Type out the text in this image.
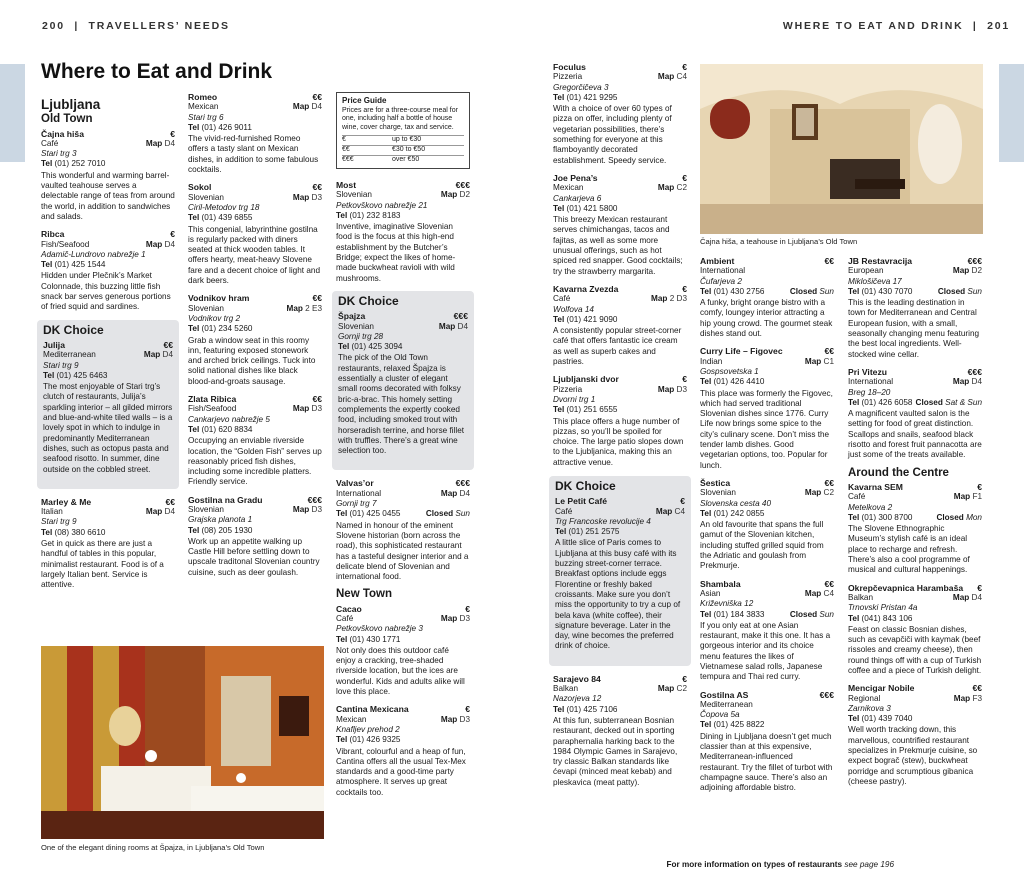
200  |  TRAVELLERS’ NEEDS	WHERE TO EAT AND DRINK  |  201
Where to Eat and Drink
Ljubljana
Old Town
Čajna hiša	€
Café	Map D4
Stari trg 3
Tel (01) 252 7010
This wonderful and warming barrel-vaulted teahouse serves a delectable range of teas from around the world, in addition to sandwiches and salads.
Ribca	€
Fish/Seafood	Map D4
Adamič-Lundrovo nabrežje 1
Tel (01) 425 1544
Hidden under Plečnik’s Market Colonnade, this buzzing little fish snack bar serves generous portions of fried squid and sardines.
DK Choice
Julija	€€
Mediterranean	Map D4
Stari trg 9
Tel (01) 425 6463
The most enjoyable of Stari trg’s clutch of restaurants, Julija’s sparkling interior – all gilded mirrors and blue-and-white tiled walls – is a lovely spot in which to indulge in predominantly Mediterranean dishes, such as octopus pasta and seafood risotto. In summer, dine outside on the cobbled street.
Marley & Me	€€
Italian	Map D4
Stari trg 9
Tel (08) 380 6610
Get in quick as there are just a handful of tables in this popular, minimalist restaurant. Food is of a largely Italian bent. Service is attentive.
Romeo	€€
Mexican	Map D4
Stari trg 6
Tel (01) 426 9011
The vivid-red-furnished Romeo offers a tasty slant on Mexican dishes, in addition to some fabulous cocktails.
Sokol	€€
Slovenian	Map D3
Ciril-Metodov trg 18
Tel (01) 439 6855
This congenial, labyrinthine gostilna is regularly packed with diners seated at thick wooden tables. It offers hearty, meat-heavy Slovene fare and a decent choice of light and dark beers.
Vodnikov hram	€€
Slovenian	Map 2 E3
Vodnikov trg 2
Tel (01) 234 5260
Grab a window seat in this roomy inn, featuring exposed stonework and arched brick ceilings. Tuck into solid national dishes like black blood-and-groats sausage.
Zlata Ribica	€€
Fish/Seafood	Map D3
Cankarjevo nabrežje 5
Tel (01) 620 8834
Occupying an enviable riverside location, the “Golden Fish” serves up reasonably priced fish dishes, including some incredible platters. Friendly service.
Gostilna na Gradu	€€€
Slovenian	Map D3
Grajska planota 1
Tel (08) 205 1930
Work up an appetite walking up Castle Hill before settling down to upscale traditonal Slovenian country cuisine, such as deer goulash.
Price Guide
Prices are for a three-course meal for one, including half a bottle of house wine, cover charge, tax and service.
€	up to €30
€€	€30 to €50
€€€	over €50
Most	€€€
Slovenian	Map D2
Petkovškovo nabrežje 21
Tel (01) 232 8183
Inventive, imaginative Slovenian food is the focus at this high-end establishment by the Butcher’s Bridge; expect the likes of home-made buckwheat ravioli with wild mushrooms.
DK Choice
Špajza	€€€
Slovenian	Map D4
Gornji trg 28
Tel (01) 425 3094
The pick of the Old Town restaurants, relaxed Špajza is essentially a cluster of elegant small rooms decorated with folksy bric-a-brac. This homely setting complements the expertly cooked food, including smoked trout with horseradish terrine, and horse fillet with truffles. There’s a great wine selection too.
Valvas’or	€€€
International	Map D4
Gornji trg 7
Tel (01) 425 0455	Closed Sun
Named in honour of the eminent Slovene historian (born across the road), this sophisticated restaurant has a tasteful designer interior and a delicate blend of Slovenian and international food.
New Town
Cacao	€
Café	Map D3
Petkovškovo nabrežje 3
Tel (01) 430 1771
Not only does this outdoor café enjoy a cracking, tree-shaded riverside location, but the ices are wonderful. Kids and adults alike will love this place.
Cantina Mexicana	€
Mexican	Map D3
Knafljev prehod 2
Tel (01) 426 9325
Vibrant, colourful and a heap of fun, Cantina offers all the usual Tex-Mex standards and a good-time party atmosphere. It serves up great cocktails too.
Foculus	€
Pizzeria	Map C4
Gregorčičeva 3
Tel (01) 421 9295
With a choice of over 60 types of pizza on offer, including plenty of vegetarian possibilities, there’s something for everyone at this flamboyantly decorated establishment. Speedy service.
Joe Pena’s	€
Mexican	Map C2
Cankarjeva 6
Tel (01) 421 5800
This breezy Mexican restaurant serves chimichangas, tacos and fajitas, as well as some more unusual offerings, such as hot spiced red snapper. Good cocktails; try the strawberry margarita.
Kavarna Zvezda	€
Café	Map 2 D3
Wolfova 14
Tel (01) 421 9090
A consistently popular street-corner café that offers fantastic ice cream as well as superb cakes and pastries.
Ljubljanski dvor	€
Pizzeria	Map D3
Dvorni trg 1
Tel (01) 251 6555
This place offers a huge number of pizzas, so you’ll be spoiled for choice. The large patio slopes down to the Ljubljanica, making this an attractive venue.
DK Choice
Le Petit Café	€
Café	Map C4
Trg Francoske revolucije 4
Tel (01) 251 2575
A little slice of Paris comes to Ljubljana at this busy café with its buzzing street-corner terrace. Breakfast options include eggs Florentine or freshly baked croissants. Make sure you don’t miss the opportunity to try a cup of bela kava (white coffee), their signature beverage. Later in the day, wine becomes the preferred drink of choice.
Sarajevo 84	€
Balkan	Map C2
Nazorjeva 12
Tel (01) 425 7106
At this fun, subterranean Bosnian restaurant, decked out in sporting paraphernalia harking back to the 1984 Olympic Games in Sarajevo, try classic Balkan standards like ćevapi (minced meat kebab) and pleskavica (meat patty).
Ambient	€€
International
Čufarjeva 2
Tel (01) 430 2756	Closed Sun
A funky, bright orange bistro with a comfy, loungey interior attracting a hip young crowd. The gourmet steak dishes stand out.
Curry Life – Figovec	€€
Indian	Map C1
Gospsovetska 1
Tel (01) 426 4410
This place was formerly the Figovec, which had served traditional Slovenian dishes since 1776. Curry Life now brings some spice to the city’s culinary scene. Don’t miss the tender lamb dishes. Good vegetarian options, too. Popular for lunch.
Šestica	€€
Slovenian	Map C2
Slovenska cesta 40
Tel (01) 242 0855
An old favourite that spans the full gamut of the Slovenian kitchen, including stuffed grilled squid from the Adriatic and goulash from Prekmurje.
Shambala	€€
Asian	Map C4
Križevniška 12
Tel (01) 184 3833	Closed Sun
If you only eat at one Asian restaurant, make it this one. It has a gorgeous interior and its choice menu features the likes of Vietnamese salad rolls, Japanese tempura and Thai red curry.
Gostilna AS	€€€
Mediterranean
Čopova 5a
Tel (01) 425 8822
Dining in Ljubljana doesn’t get much classier than at this expensive, Mediterranean-influenced restaurant. Try the fillet of turbot with champagne sauce. There’s also an adjoining affordable bistro.
JB Restavracija	€€€
European	Map D2
Miklošičeva 17
Tel (01) 430 7070	Closed Sun
This is the leading destination in town for Mediterranean and Central European fusion, with a small, seasonally changing menu featuring the best local ingredients. Well-stocked wine cellar.
Pri Vitezu	€€€
International	Map D4
Breg 18–20
Tel (01) 426 6058 Closed Sat & Sun
A magnificent vaulted salon is the setting for food of great distinction. Scallops and snails, seafood black risotto and forest fruit pannacotta are just some of the treats available.
Around the Centre
Kavarna SEM	€
Café	Map F1
Metelkova 2
Tel (01) 300 8700	Closed Mon
The Slovene Ethnographic Museum’s stylish café is an ideal place to recharge and refresh. There’s also a cool programme of musical and cultural happenings.
Okrepčevapnica Harambaša €
Balkan	Map D4
Trnovski Pristan 4a
Tel (041) 843 106
Feast on classic Bosnian dishes, such as cevapčiči with kaymak (beef rissoles and creamy cheese), then round things off with a cup of Turkish coffee and a piece of Turkish delight.
Mencigar Nobile	€€
Regional	Map F3
Zarnikova 3
Tel (01) 439 7040
Well worth tracking down, this marvellous, countrified restaurant specializes in Prekmurje cuisine, so expect bograč (stew), buckwheat porridge and scrumptious gibanica (cheese pastry).
One of the elegant dining rooms at Špajza, in Ljubljana’s Old Town
Čajna hiša, a teahouse in Ljubljana’s Old Town
For more information on types of restaurants see page 196
